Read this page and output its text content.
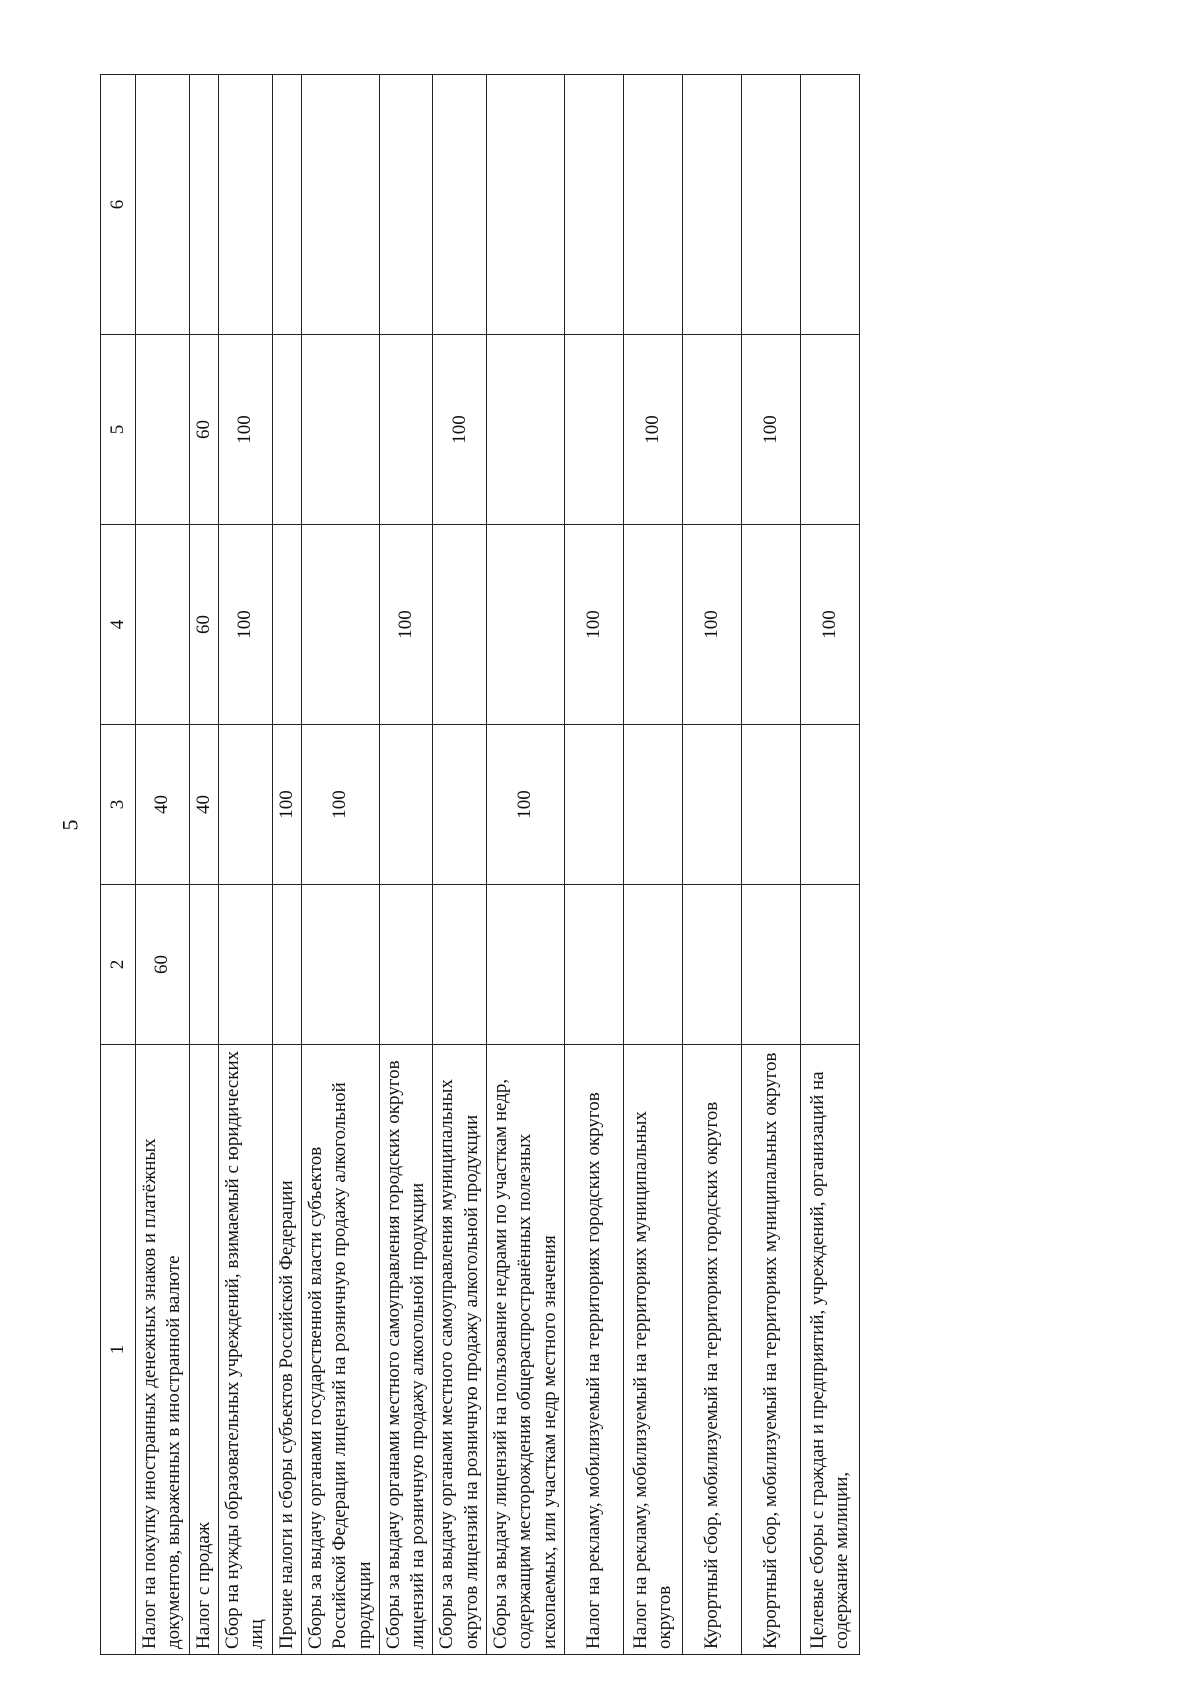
5
1	2	3	4	5	6
Налог на покупку иностранных денежных знаков и платёжных документов, выраженных в иностранной валюте	60	40			
Налог с продаж		40	60	60	
Сбор на нужды образовательных учреждений, взимаемый с юридических лиц			100	100	
Прочие налоги и сборы субъектов Российской Федерации		100			
Сборы за выдачу органами государственной власти субъектов Российской Федерации лицензий на розничную продажу алкогольной продукции		100			
Сборы за выдачу органами местного самоуправления городских округов лицензий на розничную продажу алкогольной продукции			100		
Сборы за выдачу органами местного самоуправления муниципальных округов лицензий на розничную продажу алкогольной продукции				100	
Сборы за выдачу лицензий на пользование недрами по участкам недр, содержащим месторождения общераспространённых полезных ископаемых, или участкам недр местного значения		100			
Налог на рекламу, мобилизуемый на территориях городских округов			100		
Налог на рекламу, мобилизуемый на территориях муниципальных округов				100	
Курортный сбор, мобилизуемый на территориях городских округов			100		
Курортный сбор, мобилизуемый на территориях муниципальных округов				100	
Целевые сборы с граждан и предприятий, учреждений, организаций на содержание милиции,			100		
